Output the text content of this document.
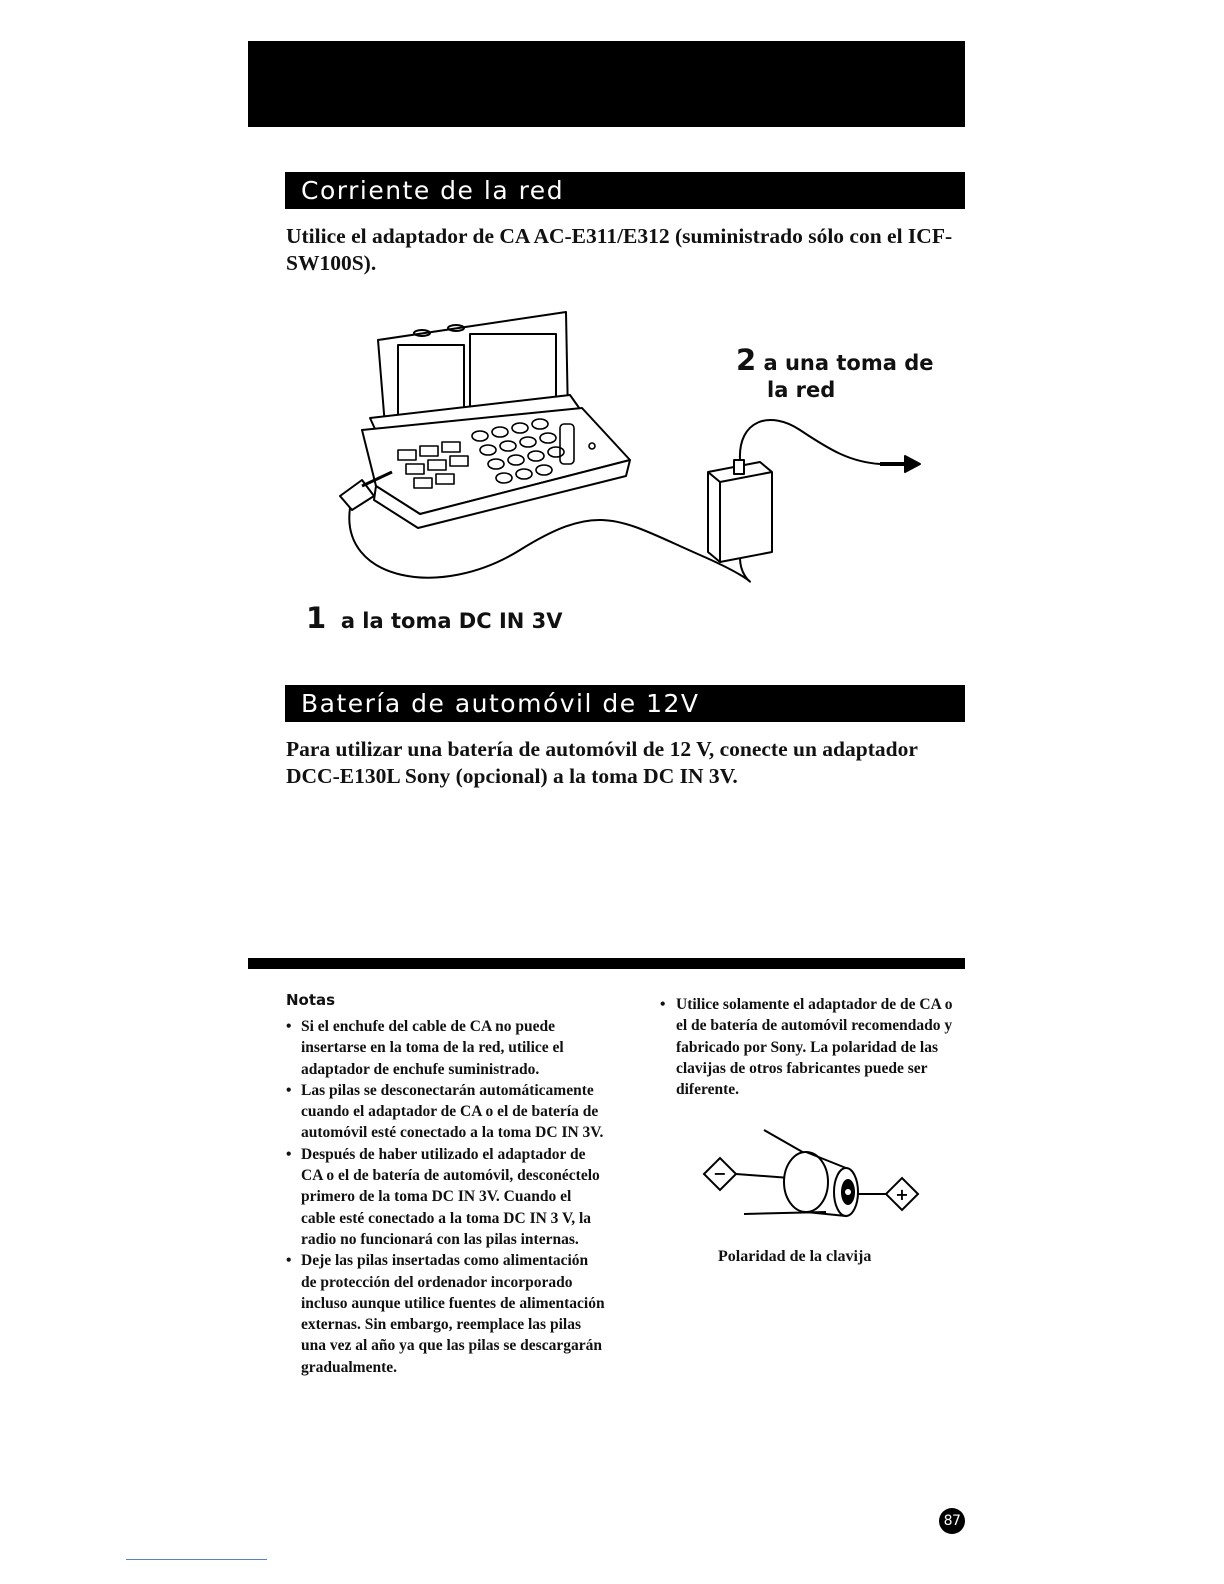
Corriente de la red
Utilice el adaptador de CA AC-E311/E312 (suministrado sólo con el ICF-SW100S).
2 a una toma de
la red
1 a la toma DC IN 3V
Batería de automóvil de 12V
Para utilizar una batería de automóvil de 12 V, conecte un adaptador DCC-E130L Sony (opcional) a la toma DC IN 3V.
Notas
• Si el enchufe del cable de CA no puede insertarse en la toma de la red, utilice el adaptador de enchufe suministrado.
• Las pilas se desconectarán automáticamente cuando el adaptador de CA o el de batería de automóvil esté conectado a la toma DC IN 3V.
• Después de haber utilizado el adaptador de CA o el de batería de automóvil, desconéctelo primero de la toma DC IN 3V. Cuando el cable esté conectado a la toma DC IN 3 V, la radio no funcionará con las pilas internas.
• Deje las pilas insertadas como alimentación de protección del ordenador incorporado incluso aunque utilice fuentes de alimentación externas. Sin embargo, reemplace las pilas una vez al año ya que las pilas se descargarán gradualmente.
• Utilice solamente el adaptador de de CA o el de batería de automóvil recomendado y fabricado por Sony. La polaridad de las clavijas de otros fabricantes puede ser diferente.
−
+
Polaridad de la clavija
87
